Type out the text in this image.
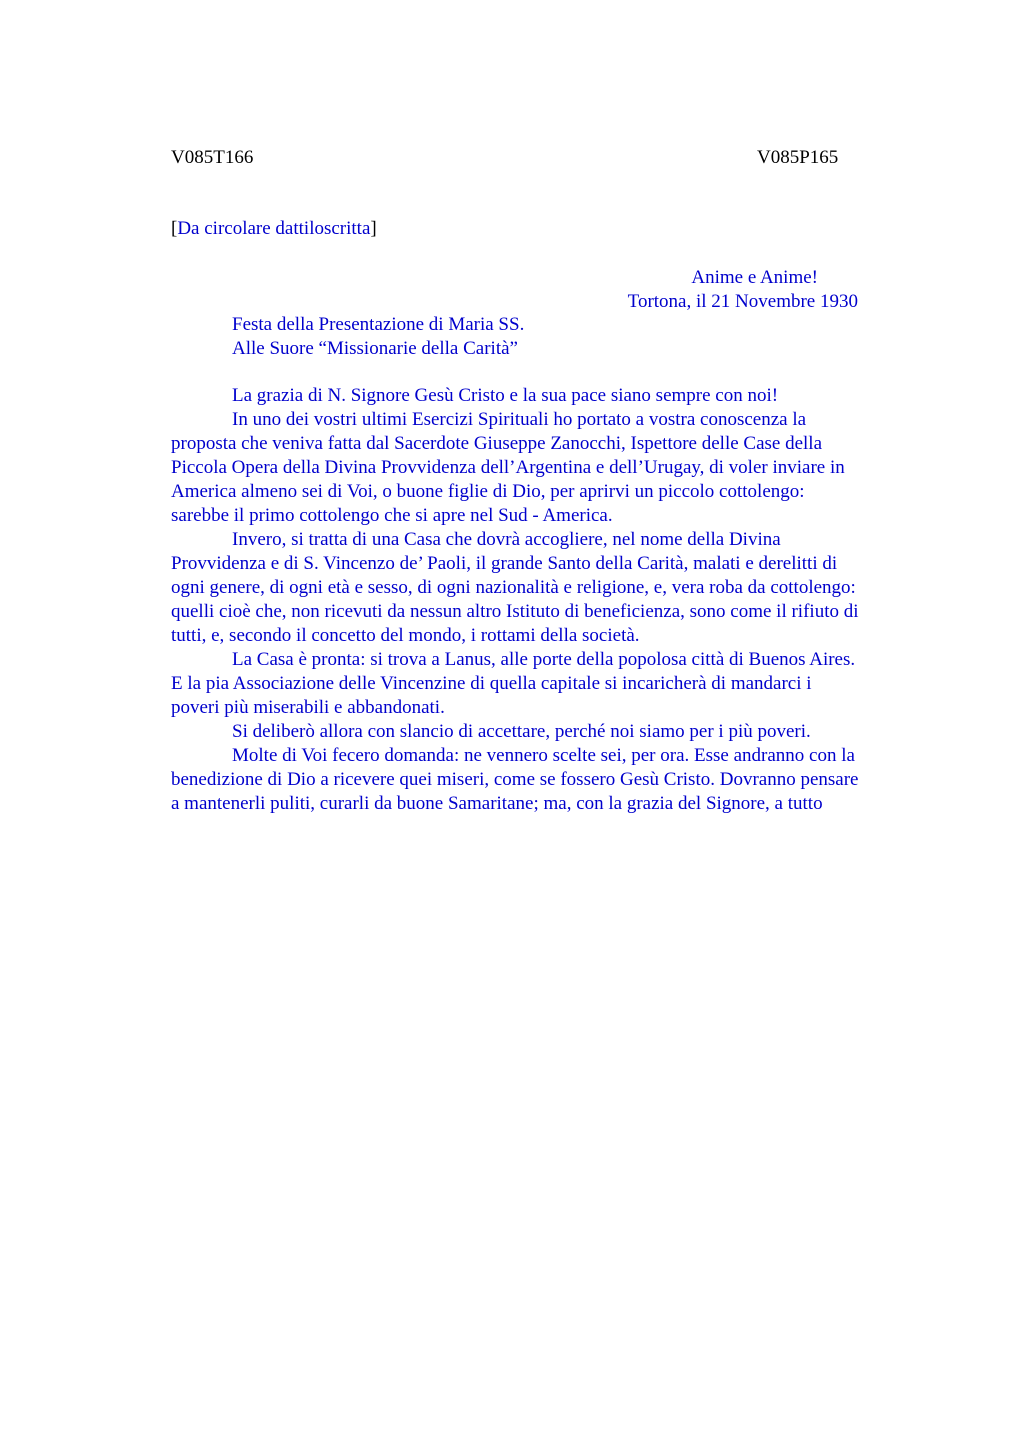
V085T166	V085P165
[Da circolare dattiloscritta]
Anime e Anime!
Tortona, il 21 Novembre 1930
Festa della Presentazione di Maria SS.
Alle Suore “Missionarie della Carità”
La grazia di N. Signore Gesù Cristo e la sua pace siano sempre con noi!
In uno dei vostri ultimi Esercizi Spirituali ho portato a vostra conoscenza la
proposta che veniva fatta dal Sacerdote Giuseppe Zanocchi, Ispettore delle Case della
Piccola Opera della Divina Provvidenza dell’Argentina e dell’Urugay, di voler inviare in
America almeno sei di Voi, o buone figlie di Dio, per aprirvi un piccolo cottolengo:
sarebbe il primo cottolengo che si apre nel Sud - America.
Invero, si tratta di una Casa che dovrà accogliere, nel nome della Divina
Provvidenza e di S. Vincenzo de’ Paoli, il grande Santo della Carità, malati e derelitti di
ogni genere, di ogni età e sesso, di ogni nazionalità e religione, e, vera roba da cottolengo:
quelli cioè che, non ricevuti da nessun altro Istituto di beneficienza, sono come il rifiuto di
tutti, e, secondo il concetto del mondo, i rottami della società.
La Casa è pronta: si trova a Lanus, alle porte della popolosa città di Buenos Aires.
E la pia Associazione delle Vincenzine di quella capitale si incaricherà di mandarci i
poveri più miserabili e abbandonati.
Si deliberò allora con slancio di accettare, perché noi siamo per i più poveri.
Molte di Voi fecero domanda: ne vennero scelte sei, per ora. Esse andranno con la
benedizione di Dio a ricevere quei miseri, come se fossero Gesù Cristo. Dovranno pensare
a mantenerli puliti, curarli da buone Samaritane; ma, con la grazia del Signore, a tutto
